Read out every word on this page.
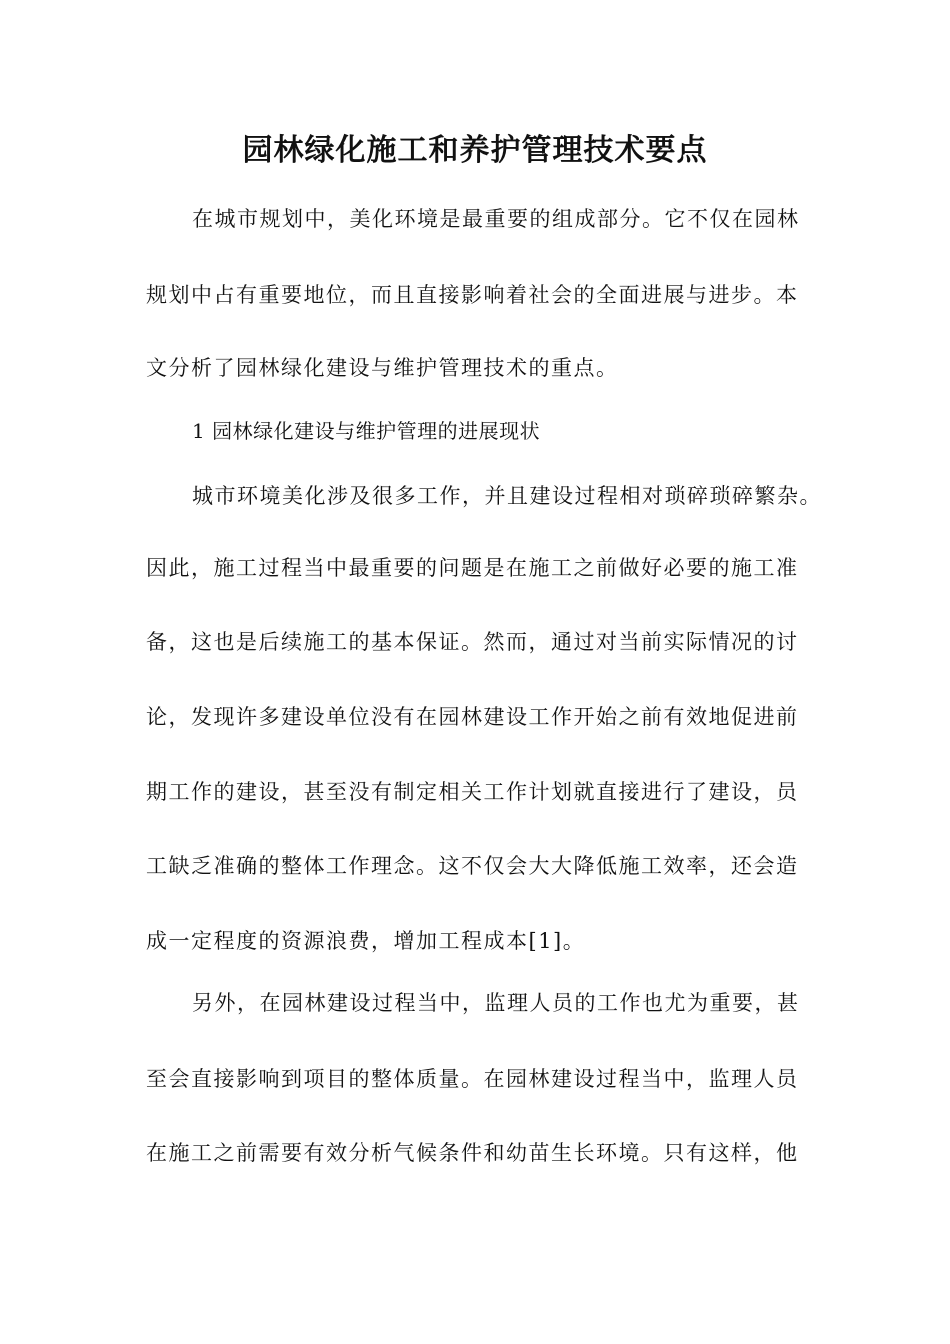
园林绿化施工和养护管理技术要点
在城市规划中，美化环境是最重要的组成部分。它不仅在园林
规划中占有重要地位，而且直接影响着社会的全面进展与进步。本
文分析了园林绿化建设与维护管理技术的重点。
1 园林绿化建设与维护管理的进展现状
城市环境美化涉及很多工作，并且建设过程相对琐碎琐碎繁杂。
因此，施工过程当中最重要的问题是在施工之前做好必要的施工准
备，这也是后续施工的基本保证。然而，通过对当前实际情况的讨
论，发现许多建设单位没有在园林建设工作开始之前有效地促进前
期工作的建设，甚至没有制定相关工作计划就直接进行了建设，员
工缺乏准确的整体工作理念。这不仅会大大降低施工效率，还会造
成一定程度的资源浪费，增加工程成本[1]。
另外，在园林建设过程当中，监理人员的工作也尤为重要，甚
至会直接影响到项目的整体质量。在园林建设过程当中，监理人员
在施工之前需要有效分析气候条件和幼苗生长环境。只有这样，他
